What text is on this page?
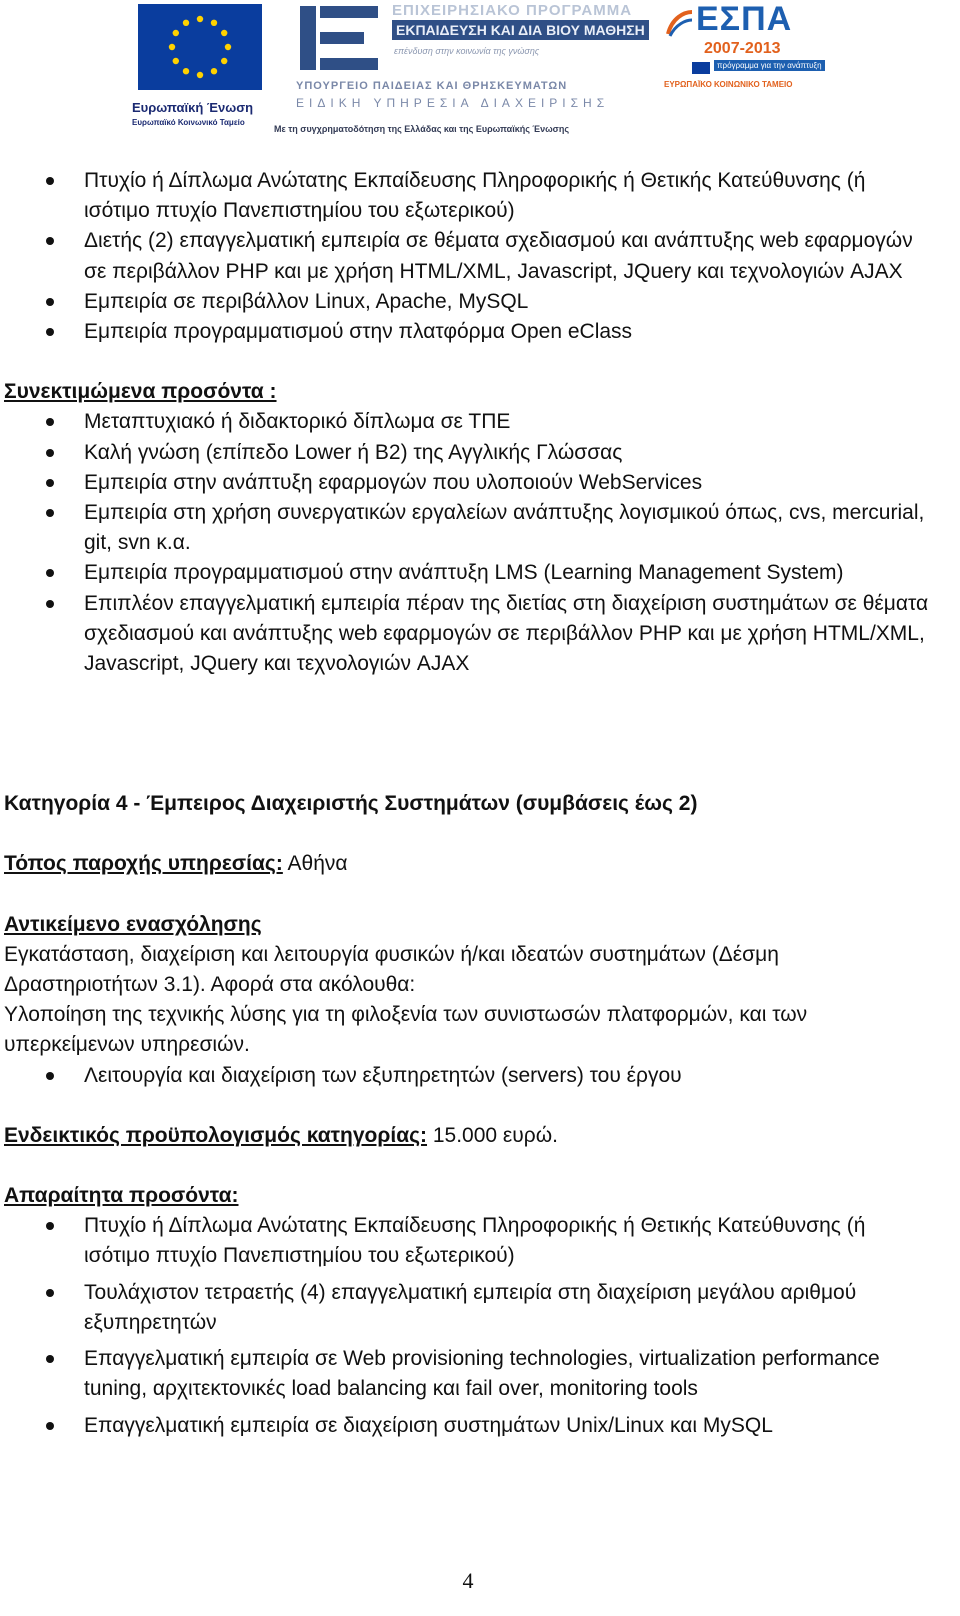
Ευρωπαϊκή Ένωση
Ευρωπαϊκό Κοινωνικό Ταμείο
ΕΠΙΧΕΙΡΗΣΙΑΚΟ ΠΡΟΓΡΑΜΜΑ
ΕΚΠΑΙΔΕΥΣΗ ΚΑΙ ΔΙΑ ΒΙΟΥ ΜΑΘΗΣΗ
επένδυση στην κοινωνία της γνώσης
ΥΠΟΥΡΓΕΙΟ ΠΑΙΔΕΙΑΣ ΚΑΙ ΘΡΗΣΚΕΥΜΑΤΩΝ
ΕΙΔΙΚΗ ΥΠΗΡΕΣΙΑ ΔΙΑΧΕΙΡΙΣΗΣ
Με τη συγχρηματοδότηση της Ελλάδας και της Ευρωπαϊκής Ένωσης
ΕΣΠΑ
2007-2013
πρόγραμμα για την ανάπτυξη
ΕΥΡΩΠΑΪΚΟ ΚΟΙΝΩΝΙΚΟ ΤΑΜΕΙΟ
Πτυχίο ή Δίπλωμα Ανώτατης Εκπαίδευσης Πληροφορικής ή Θετικής Κατεύθυνσης (ή ισότιμο πτυχίο Πανεπιστημίου του εξωτερικού)
Διετής (2) επαγγελματική εμπειρία σε θέματα σχεδιασμού και ανάπτυξης web εφαρμογών σε περιβάλλον PHP και με χρήση HTML/XML, Javascript, JQuery και τεχνολογιών AJAX
Εμπειρία σε περιβάλλον Linux, Apache, MySQL
Εμπειρία προγραμματισμού στην πλατφόρμα Open eClass

Συνεκτιμώμενα προσόντα :

Μεταπτυχιακό ή διδακτορικό δίπλωμα σε ΤΠΕ
Καλή γνώση (επίπεδο Lower ή B2) της Αγγλικής Γλώσσας
Εμπειρία στην ανάπτυξη εφαρμογών που υλοποιούν WebServices
Εμπειρία στη χρήση συνεργατικών εργαλείων ανάπτυξης λογισμικού όπως, cvs, mercurial, git, svn κ.α.
Εμπειρία προγραμματισμού στην ανάπτυξη LMS (Learning Management System)
Επιπλέον επαγγελματική εμπειρία πέραν της διετίας στη διαχείριση συστημάτων σε θέματα σχεδιασμού και ανάπτυξης web εφαρμογών σε περιβάλλον PHP και με χρήση HTML/XML, Javascript, JQuery και τεχνολογιών AJAX

Κατηγορία 4 - Έμπειρος Διαχειριστής Συστημάτων (συμβάσεις έως 2)

Τόπος παροχής υπηρεσίας: Αθήνα

Αντικείμενο ενασχόλησης

Εγκατάσταση, διαχείριση και λειτουργία φυσικών ή/και ιδεατών συστημάτων (Δέσμη Δραστηριοτήτων 3.1). Αφορά στα ακόλουθα:

Υλοποίηση της τεχνικής λύσης για τη φιλοξενία των συνιστωσών πλατφορμών, και των υπερκείμενων υπηρεσιών.

Λειτουργία και διαχείριση των εξυπηρετητών (servers) του έργου

Ενδεικτικός προϋπολογισμός κατηγορίας: 15.000 ευρώ.

Απαραίτητα προσόντα:

Πτυχίο ή Δίπλωμα Ανώτατης Εκπαίδευσης Πληροφορικής ή Θετικής Κατεύθυνσης (ή ισότιμο πτυχίο Πανεπιστημίου του εξωτερικού)
Τουλάχιστον τετραετής (4) επαγγελματική εμπειρία στη διαχείριση μεγάλου αριθμού εξυπηρετητών
Επαγγελματική εμπειρία σε Web provisioning technologies, virtualization performance tuning, αρχιτεκτονικές load balancing και fail over, monitoring tools
Επαγγελματική εμπειρία σε διαχείριση συστημάτων Unix/Linux και MySQL
4
